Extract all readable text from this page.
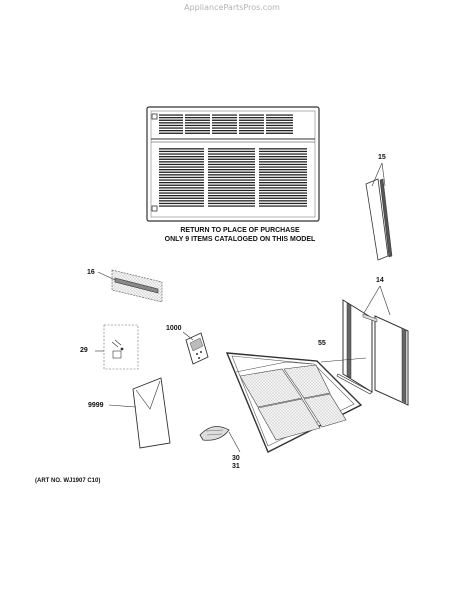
AppliancePartsPros.com
RETURN TO PLACE OF PURCHASE
ONLY 9 ITEMS CATALOGED ON THIS MODEL
15
16
14
1000
55
29
9999
30
31
(ART NO. WJ1907 C10)
